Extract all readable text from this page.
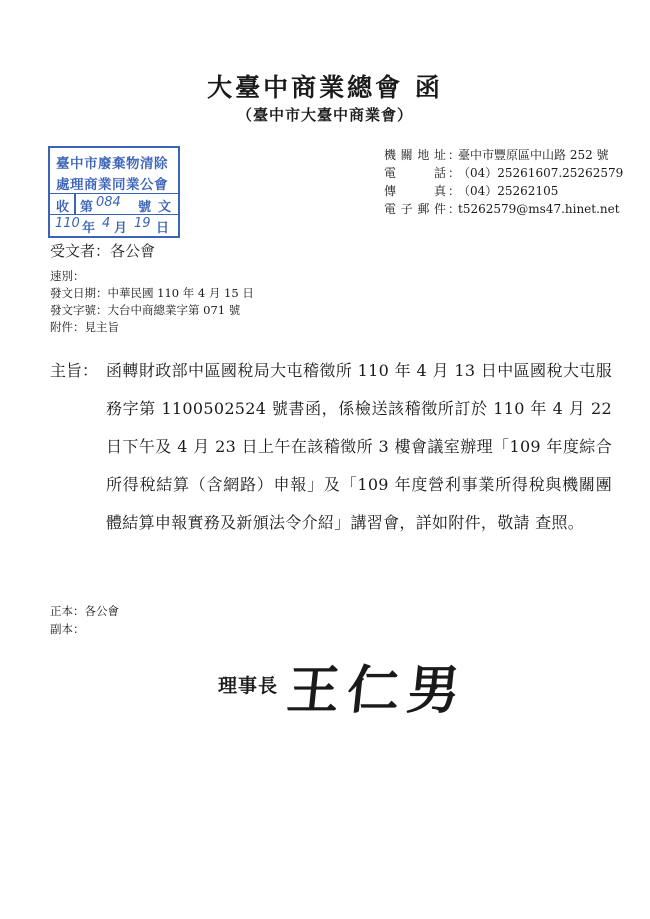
大臺中商業總會 函
（臺中市大臺中商業會）
臺中市廢棄物清除
處理商業同業公會
收 第 084 號 文
110 年 4 月 19 日
機關地址 ：
臺中市豐原區中山路 252 號
電　話 ：
（04）25261607.25262579
傳　真 ：
（04）25262105
電子郵件 ：
t5262579@ms47.hinet.net
受文者：各公會
速別：
發文日期：中華民國 110 年 4 月 15 日
發文字號：大台中商總業字第 071 號
附件：見主旨
主旨： 函轉財政部中區國稅局大屯稽徵所 110 年 4 月 13 日中區國稅大屯服務字第 1100502524 號書函，係檢送該稽徵所訂於 110 年 4 月 22 日下午及 4 月 23 日上午在該稽徵所 3 樓會議室辦理「109 年度綜合所得稅結算（含網路）申報」及「109 年度營利事業所得稅與機關團體結算申報實務及新頒法令介紹」講習會，詳如附件，敬請 查照。
正本：各公會
副本：
理事長 王仁男
